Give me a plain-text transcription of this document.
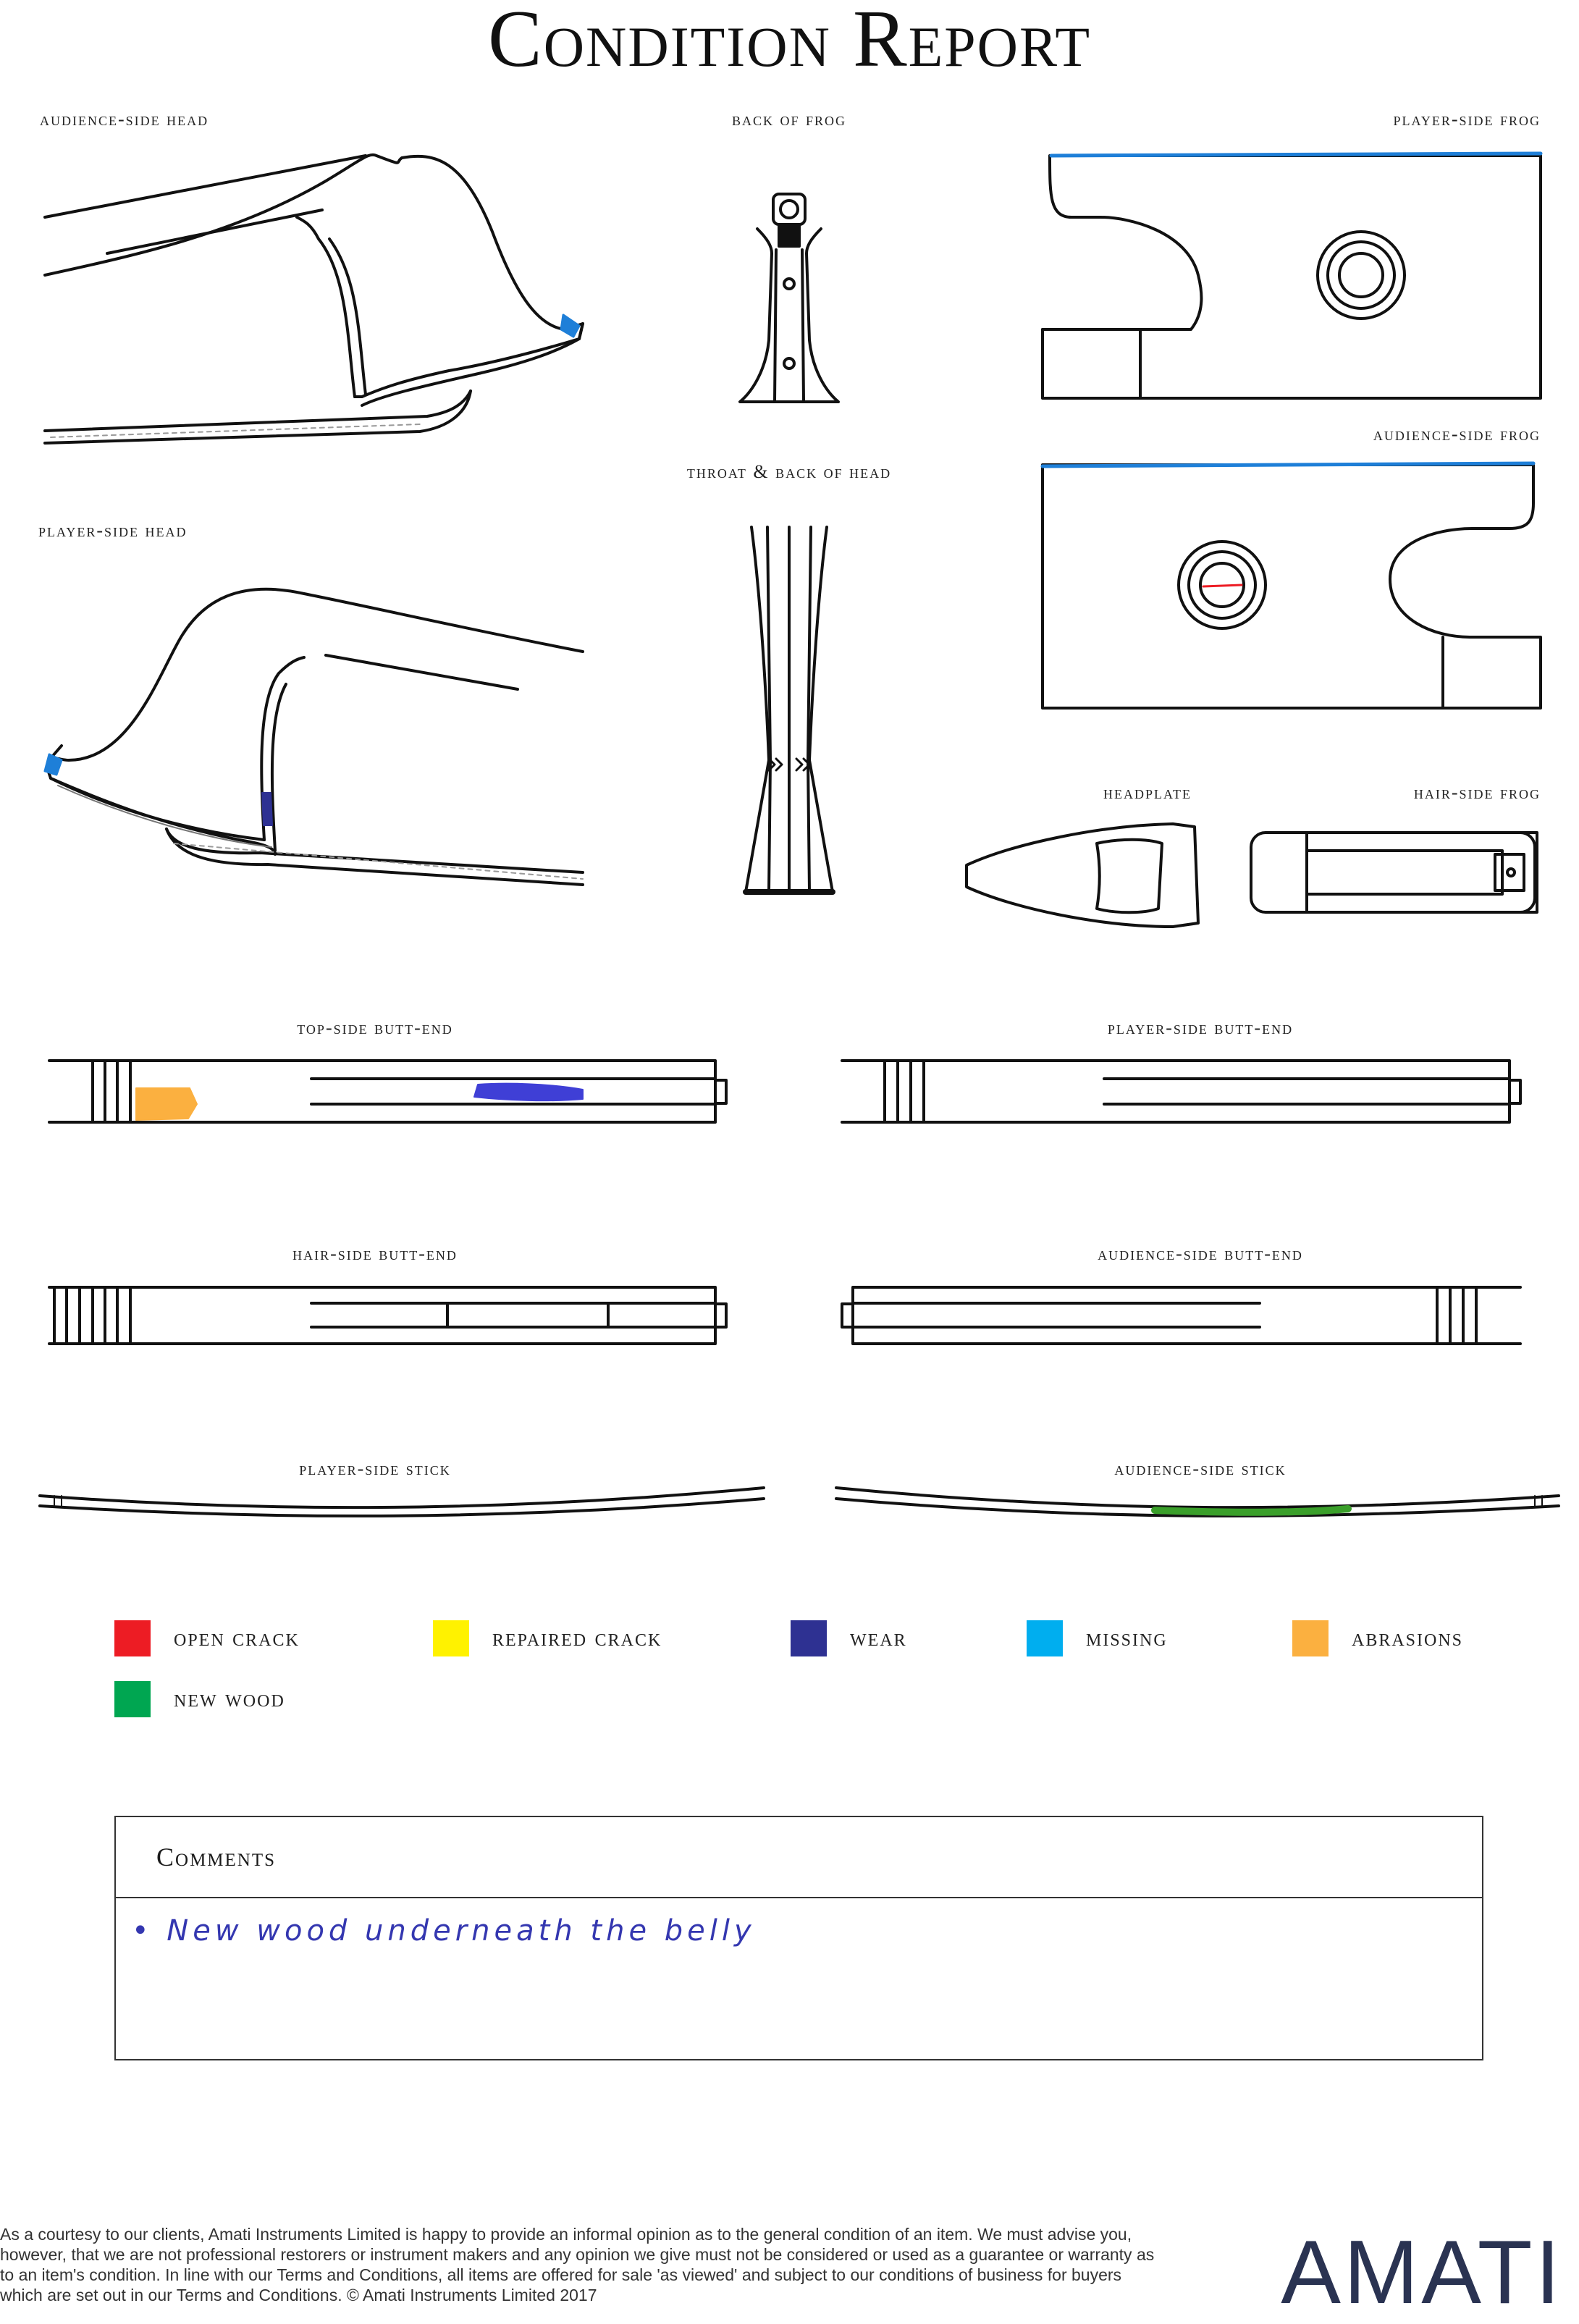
Condition Report
audience-side head	back of frog	player-side frog
throat & back of head
audience-side frog
player-side head
headplate	hair-side frog
top-side butt-end	player-side butt-end
hair-side butt-end	audience-side butt-end
player-side stick	audience-side stick
open crack	repaired crack	wear	missing	abrasions
new wood
Comments
• New wood underneath the belly
As a courtesy to our clients, Amati Instruments Limited is happy to provide an informal opinion as to the general condition of an item. We must advise you, however, that we are not professional restorers or instrument makers and any opinion we give must not be considered or used as a guarantee or warranty as to an item's condition. In line with our Terms and Conditions, all items are offered for sale 'as viewed' and subject to our conditions of business for buyers which are set out in our Terms and Conditions. © Amati Instruments Limited 2017	AMATI
